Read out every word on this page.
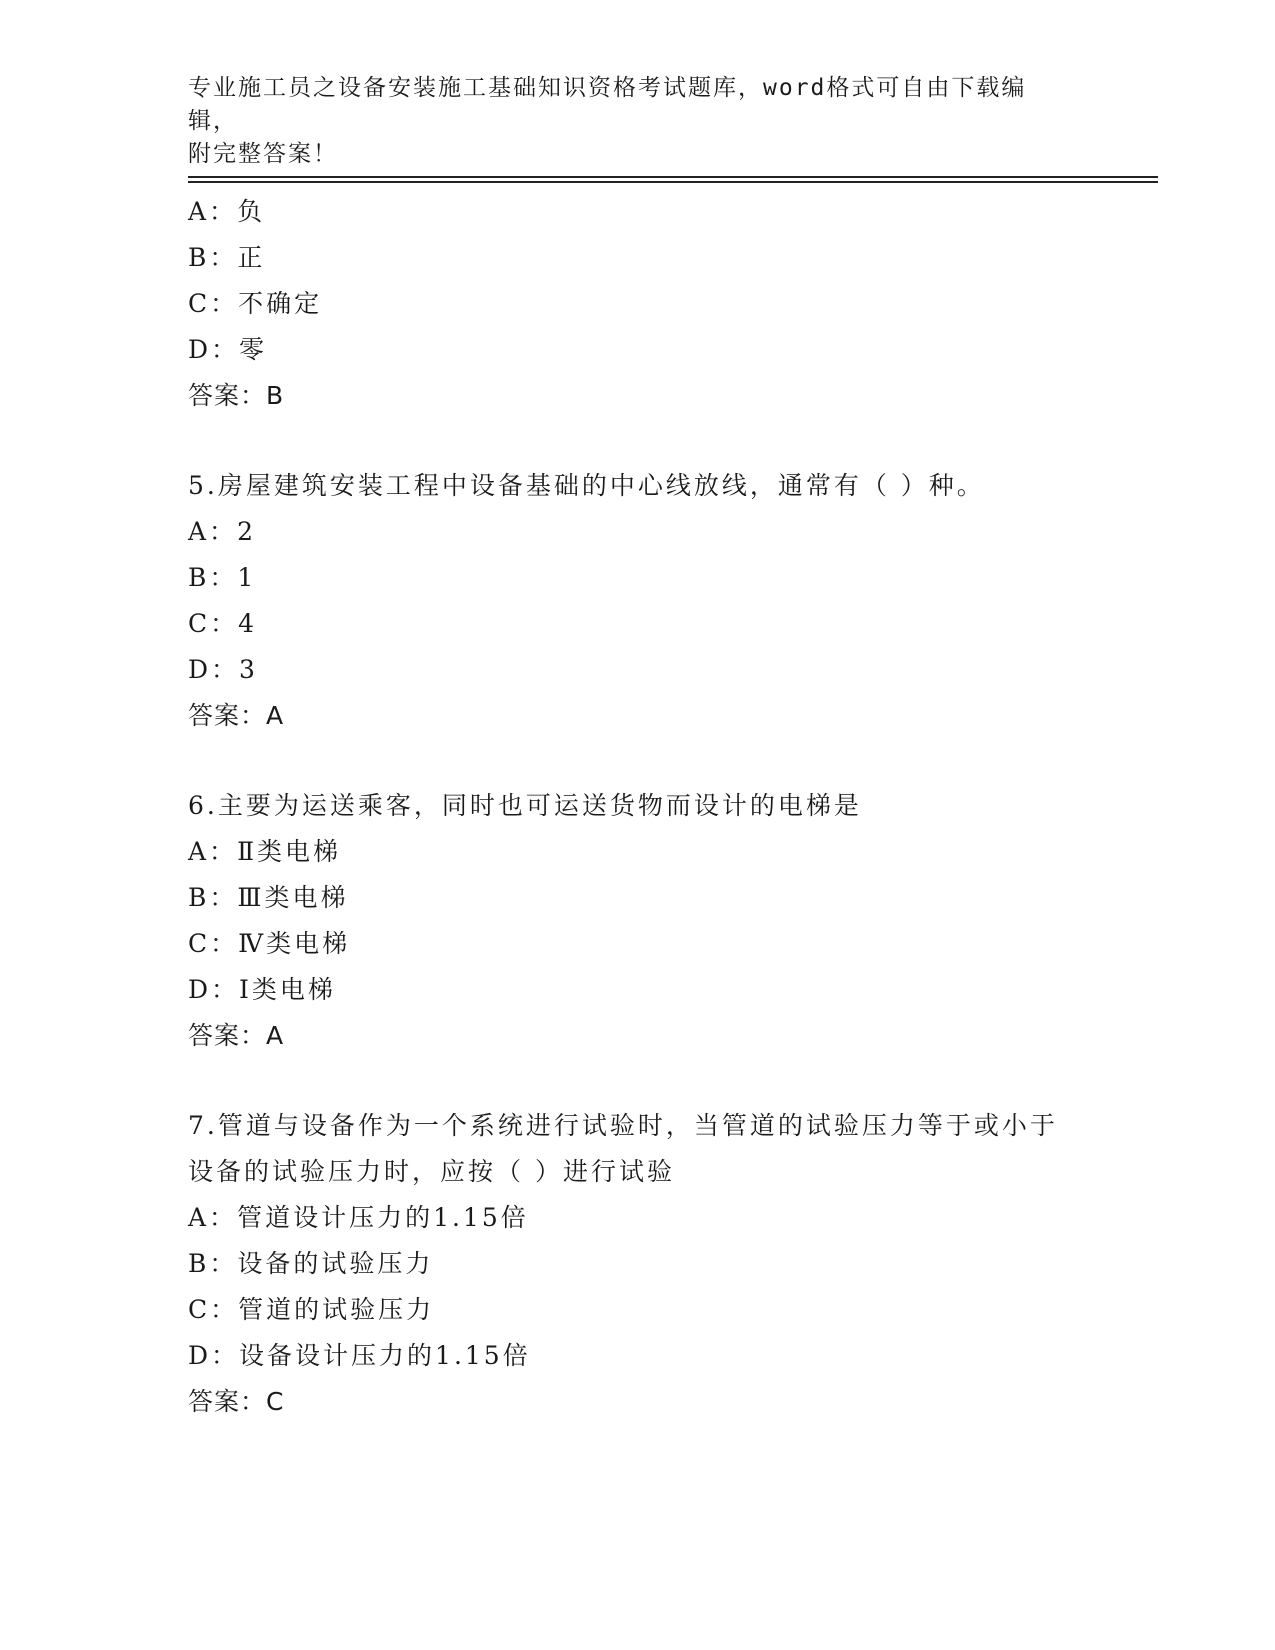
专业施工员之设备安装施工基础知识资格考试题库，word格式可自由下载编辑，
附完整答案！
A：负
B：正
C：不确定
D：零
答案：B
5.房屋建筑安装工程中设备基础的中心线放线，通常有（ ）种。
A：2
B：1
C：4
D：3
答案：A
6.主要为运送乘客，同时也可运送货物而设计的电梯是
A：Ⅱ类电梯
B：Ⅲ类电梯
C：Ⅳ类电梯
D：Ⅰ类电梯
答案：A
7.管道与设备作为一个系统进行试验时，当管道的试验压力等于或小于设备的试验压力时，应按（ ）进行试验
A：管道设计压力的1.15倍
B：设备的试验压力
C：管道的试验压力
D：设备设计压力的1.15倍
答案：C
